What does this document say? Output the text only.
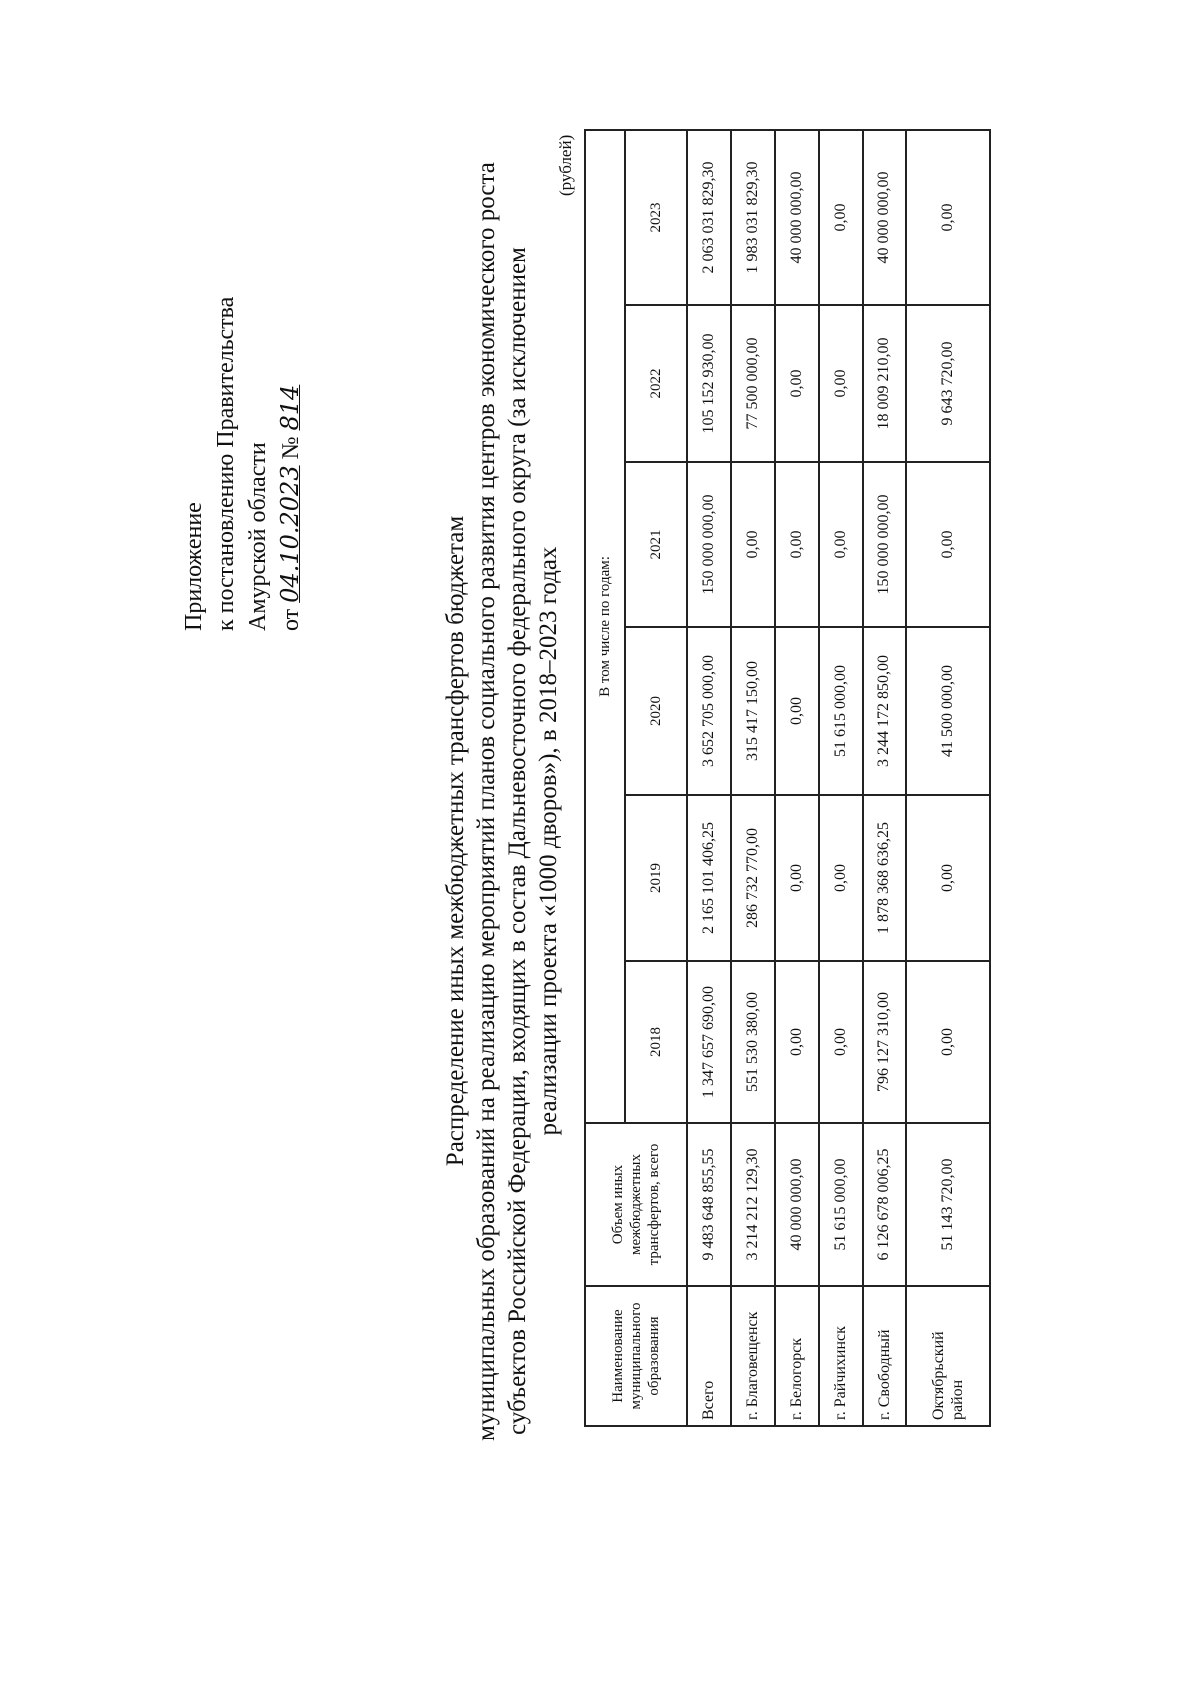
Приложение к постановлению Правительства Амурской области от 04.10.2023 № 814
Распределение иных межбюджетных трансфертов бюджетам муниципальных образований на реализацию мероприятий планов социального развития центров экономического роста субъектов Российской Федерации, входящих в состав Дальневосточного федерального округа (за исключением реализации проекта «1000 дворов»), в 2018–2023 годах
(рублей)
Наименование муниципального образования	Объем иных межбюджетных трансфертов, всего	В том числе по годам:					
		2018	2019	2020	2021	2022	2023
Всего	9 483 648 855,55	1 347 657 690,00	2 165 101 406,25	3 652 705 000,00	150 000 000,00	105 152 930,00	2 063 031 829,30
г. Благовещенск	3 214 212 129,30	551 530 380,00	286 732 770,00	315 417 150,00	0,00	77 500 000,00	1 983 031 829,30
г. Белогорск	40 000 000,00	0,00	0,00	0,00	0,00	0,00	40 000 000,00
г. Райчихинск	51 615 000,00	0,00	0,00	51 615 000,00	0,00	0,00	0,00
г. Свободный	6 126 678 006,25	796 127 310,00	1 878 368 636,25	3 244 172 850,00	150 000 000,00	18 009 210,00	40 000 000,00
Октябрьский район	51 143 720,00	0,00	0,00	41 500 000,00	0,00	9 643 720,00	0,00
